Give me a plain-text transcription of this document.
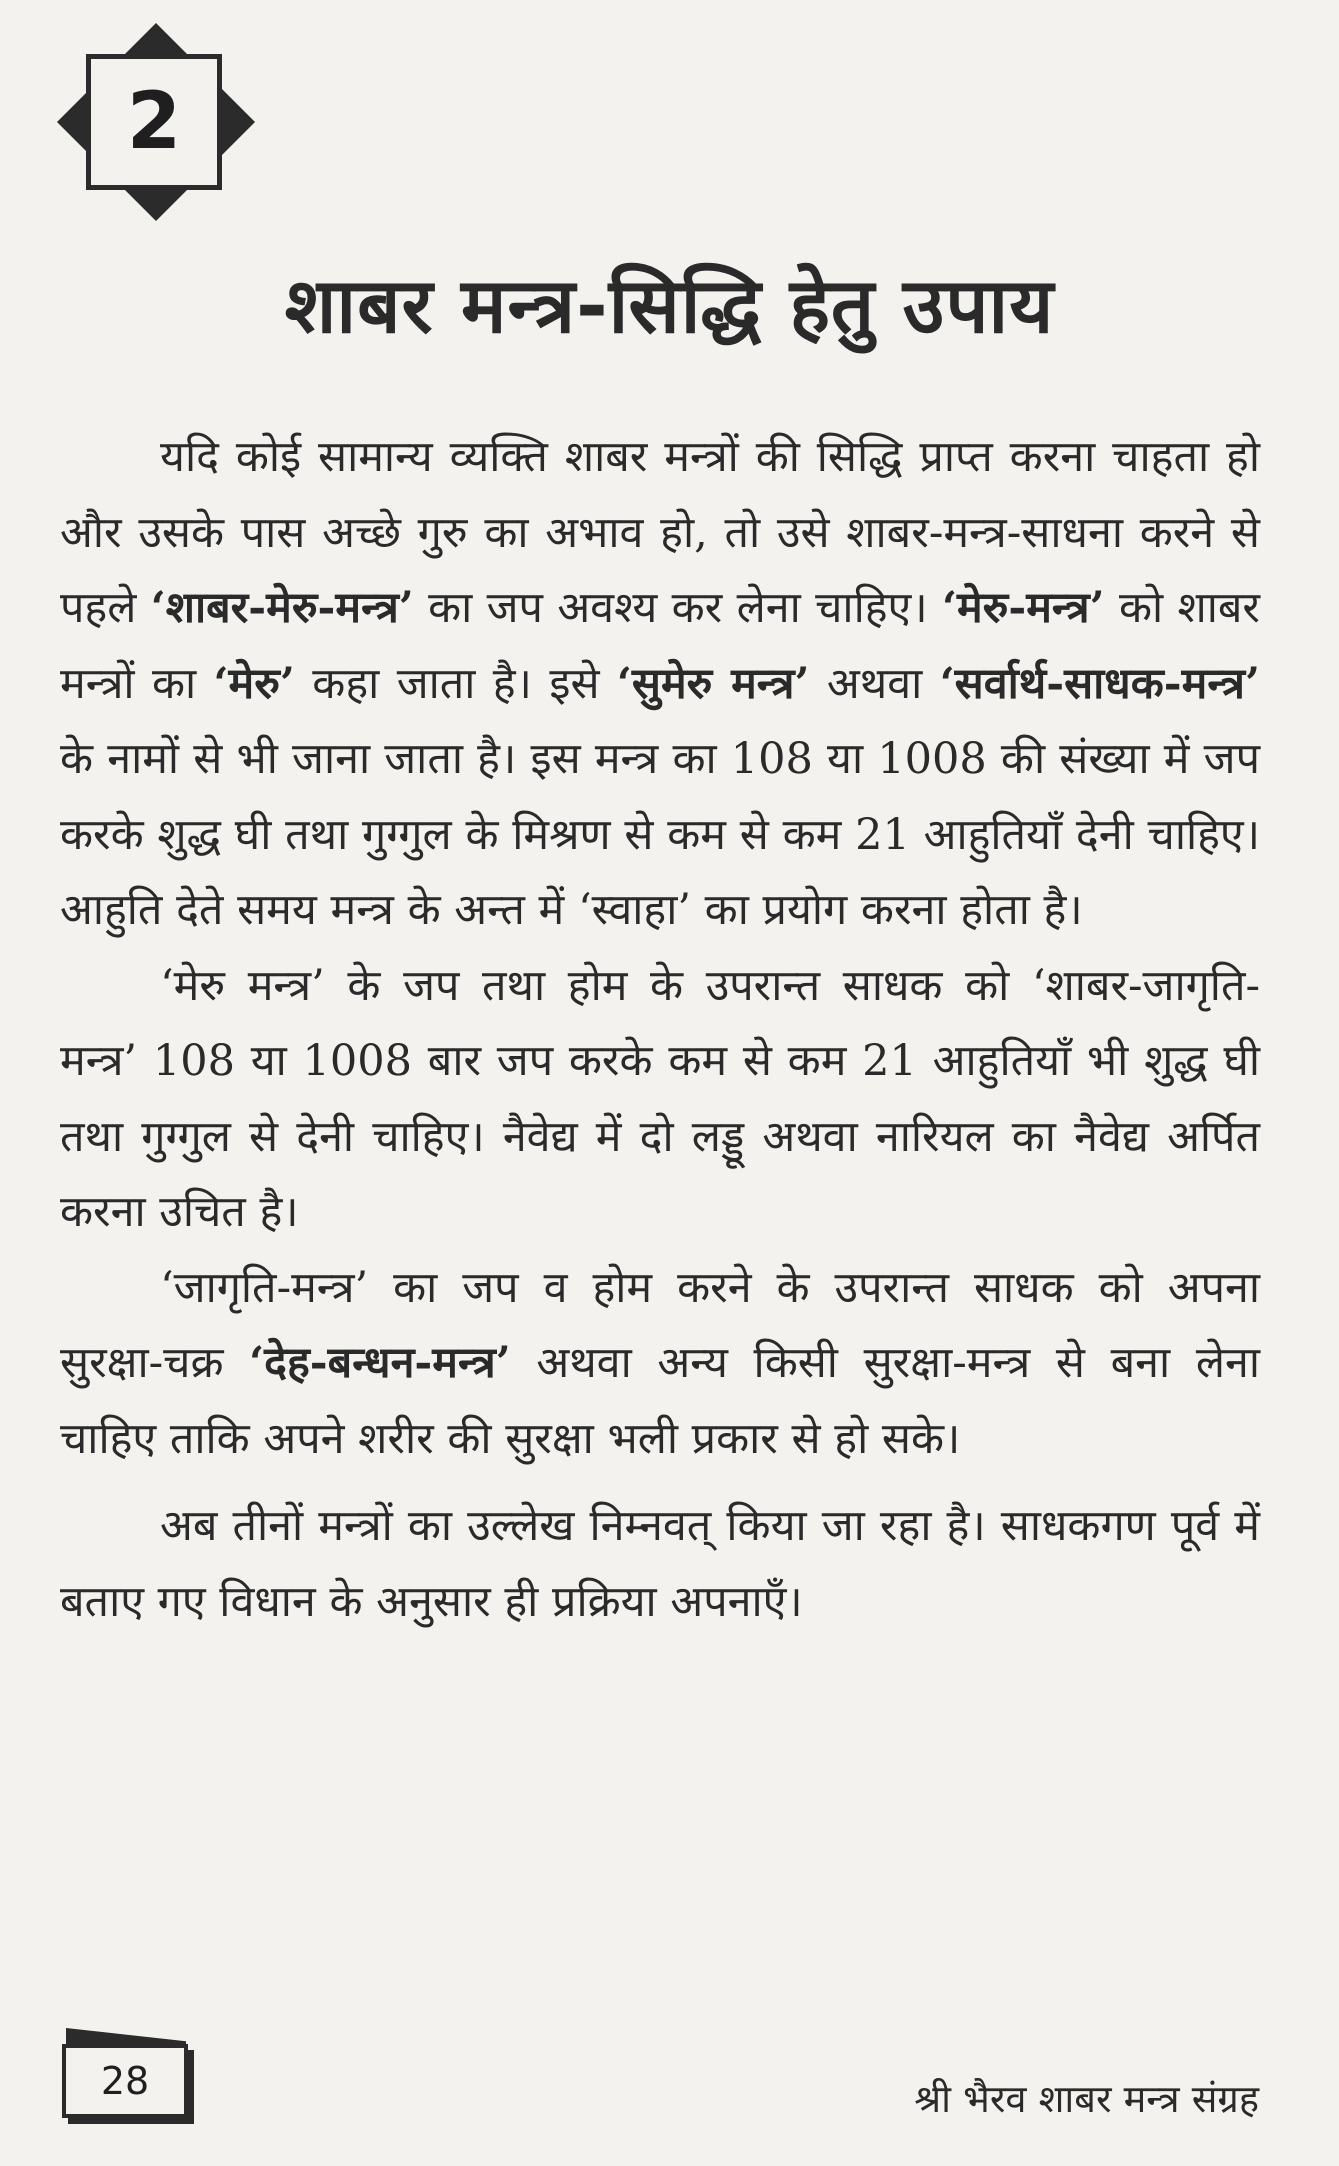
2
शाबर मन्त्र-सिद्धि हेतु उपाय

यदि कोई सामान्य व्यक्ति शाबर मन्त्रों की सिद्धि प्राप्त करना चाहता हो और उसके पास अच्छे गुरु का अभाव हो, तो उसे शाबर-मन्त्र-साधना करने से पहले ‘शाबर-मेरु-मन्त्र’ का जप अवश्य कर लेना चाहिए। ‘मेरु-मन्त्र’ को शाबर मन्त्रों का ‘मेरु’ कहा जाता है। इसे ‘सुमेरु मन्त्र’ अथवा ‘सर्वार्थ-साधक-मन्त्र’ के नामों से भी जाना जाता है। इस मन्त्र का 108 या 1008 की संख्या में जप करके शुद्ध घी तथा गुग्गुल के मिश्रण से कम से कम 21 आहुतियाँ देनी चाहिए। आहुति देते समय मन्त्र के अन्त में ‘स्वाहा’ का प्रयोग करना होता है।

‘मेरु मन्त्र’ के जप तथा होम के उपरान्त साधक को ‘शाबर-जागृति- मन्त्र’ 108 या 1008 बार जप करके कम से कम 21 आहुतियाँ भी शुद्ध घी तथा गुग्गुल से देनी चाहिए। नैवेद्य में दो लड्डू अथवा नारियल का नैवेद्य अर्पित करना उचित है।

‘जागृति-मन्त्र’ का जप व होम करने के उपरान्त साधक को अपना सुरक्षा-चक्र ‘देह-बन्धन-मन्त्र’ अथवा अन्य किसी सुरक्षा-मन्त्र से बना लेना चाहिए ताकि अपने शरीर की सुरक्षा भली प्रकार से हो सके।

अब तीनों मन्त्रों का उल्लेख निम्नवत् किया जा रहा है। साधकगण पूर्व में बताए गए विधान के अनुसार ही प्रक्रिया अपनाएँ।

28	श्री भैरव शाबर मन्त्र संग्रह
